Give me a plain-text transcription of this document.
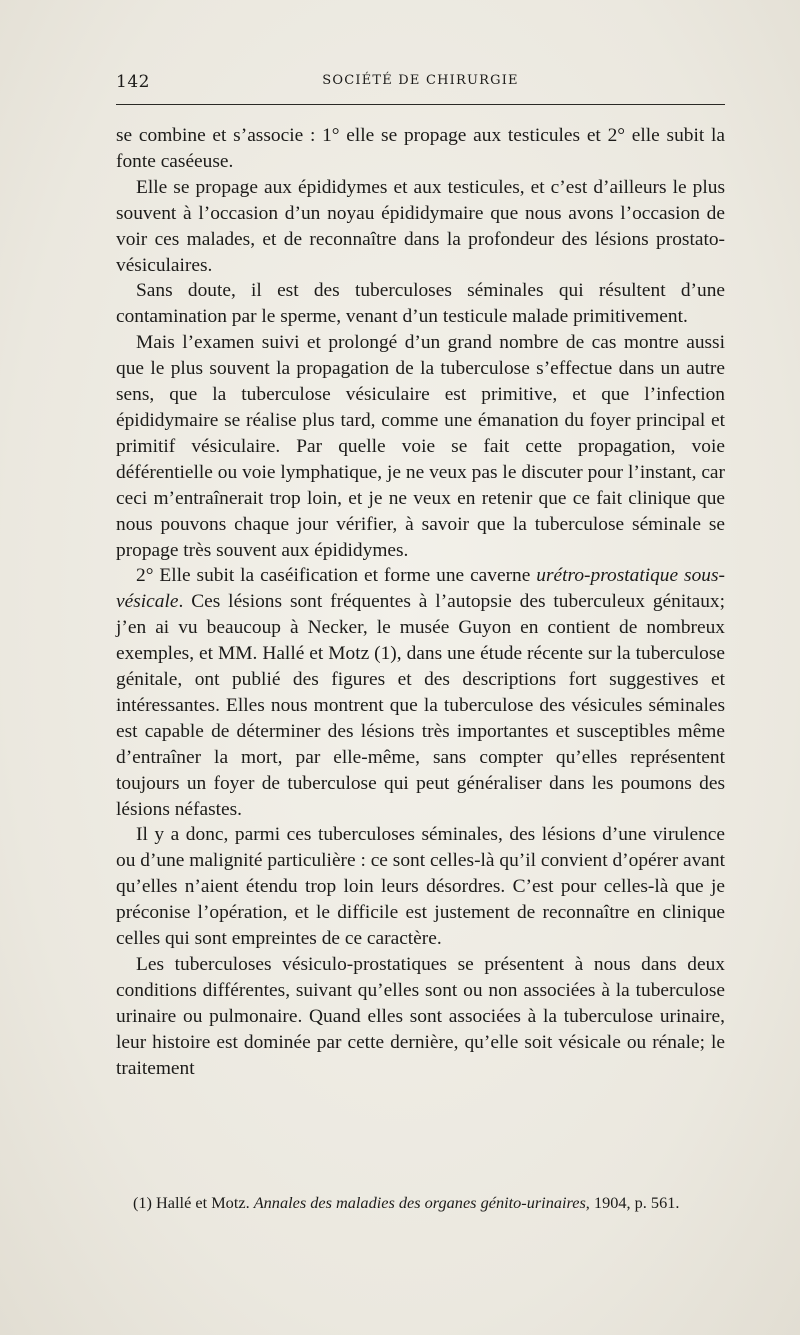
142	SOCIÉTÉ DE CHIRURGIE

se combine et s’associe : 1° elle se propage aux testicules et 2° elle subit la fonte caséeuse.

Elle se propage aux épididymes et aux testicules, et c’est d’ailleurs le plus souvent à l’occasion d’un noyau épididymaire que nous avons l’occasion de voir ces malades, et de reconnaître dans la profondeur des lésions prostato-vésiculaires.

Sans doute, il est des tuberculoses séminales qui résultent d’une contamination par le sperme, venant d’un testicule malade primitivement.

Mais l’examen suivi et prolongé d’un grand nombre de cas montre aussi que le plus souvent la propagation de la tuberculose s’effectue dans un autre sens, que la tuberculose vésiculaire est primitive, et que l’infection épididymaire se réalise plus tard, comme une émanation du foyer principal et primitif vésiculaire. Par quelle voie se fait cette propagation, voie déférentielle ou voie lymphatique, je ne veux pas le discuter pour l’instant, car ceci m’entraînerait trop loin, et je ne veux en retenir que ce fait clinique que nous pouvons chaque jour vérifier, à savoir que la tuberculose séminale se propage très souvent aux épididymes.

2° Elle subit la caséification et forme une caverne urétro-prostatique sous-vésicale. Ces lésions sont fréquentes à l’autopsie des tuberculeux génitaux; j’en ai vu beaucoup à Necker, le musée Guyon en contient de nombreux exemples, et MM. Hallé et Motz (1), dans une étude récente sur la tuberculose génitale, ont publié des figures et des descriptions fort suggestives et intéressantes. Elles nous montrent que la tuberculose des vésicules séminales est capable de déterminer des lésions très importantes et susceptibles même d’entraîner la mort, par elle-même, sans compter qu’elles représentent toujours un foyer de tuberculose qui peut généraliser dans les poumons des lésions néfastes.

Il y a donc, parmi ces tuberculoses séminales, des lésions d’une virulence ou d’une malignité particulière : ce sont celles-là qu’il convient d’opérer avant qu’elles n’aient étendu trop loin leurs désordres. C’est pour celles-là que je préconise l’opération, et le difficile est justement de reconnaître en clinique celles qui sont empreintes de ce caractère.

Les tuberculoses vésiculo-prostatiques se présentent à nous dans deux conditions différentes, suivant qu’elles sont ou non associées à la tuberculose urinaire ou pulmonaire. Quand elles sont associées à la tuberculose urinaire, leur histoire est dominée par cette dernière, qu’elle soit vésicale ou rénale; le traitement

(1) Hallé et Motz. Annales des maladies des organes génito-urinaires, 1904, p. 561.
